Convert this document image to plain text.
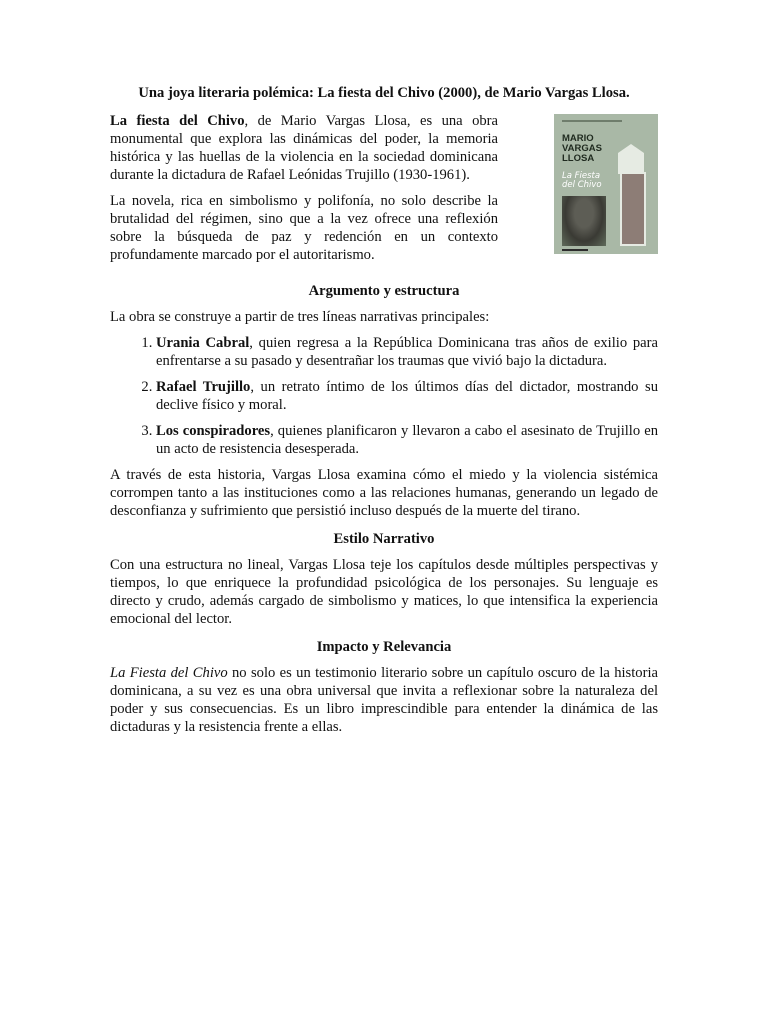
Una joya literaria polémica: La fiesta del Chivo (2000), de Mario Vargas Llosa.

La fiesta del Chivo, de Mario Vargas Llosa, es una obra monumental que explora las dinámicas del poder, la memoria histórica y las huellas de la violencia en la sociedad dominicana durante la dictadura de Rafael Leónidas Trujillo (1930-1961).

La novela, rica en simbolismo y polifonía, no solo describe la brutalidad del régimen, sino que a la vez ofrece una reflexión sobre la búsqueda de paz y redención en un contexto profundamente marcado por el autoritarismo.

MARIO
VARGAS
LLOSA
La Fiesta
del Chivo
Argumento y estructura

La obra se construye a partir de tres líneas narrativas principales:

1. Urania Cabral, quien regresa a la República Dominicana tras años de exilio para enfrentarse a su pasado y desentrañar los traumas que vivió bajo la dictadura.
2. Rafael Trujillo, un retrato íntimo de los últimos días del dictador, mostrando su declive físico y moral.
3. Los conspiradores, quienes planificaron y llevaron a cabo el asesinato de Trujillo en un acto de resistencia desesperada.

A través de esta historia, Vargas Llosa examina cómo el miedo y la violencia sistémica corrompen tanto a las instituciones como a las relaciones humanas, generando un legado de desconfianza y sufrimiento que persistió incluso después de la muerte del tirano.

Estilo Narrativo

Con una estructura no lineal, Vargas Llosa teje los capítulos desde múltiples perspectivas y tiempos, lo que enriquece la profundidad psicológica de los personajes. Su lenguaje es directo y crudo, además cargado de simbolismo y matices, lo que intensifica la experiencia emocional del lector.

Impacto y Relevancia

La Fiesta del Chivo no solo es un testimonio literario sobre un capítulo oscuro de la historia dominicana, a su vez es una obra universal que invita a reflexionar sobre la naturaleza del poder y sus consecuencias. Es un libro imprescindible para entender la dinámica de las dictaduras y la resistencia frente a ellas.
